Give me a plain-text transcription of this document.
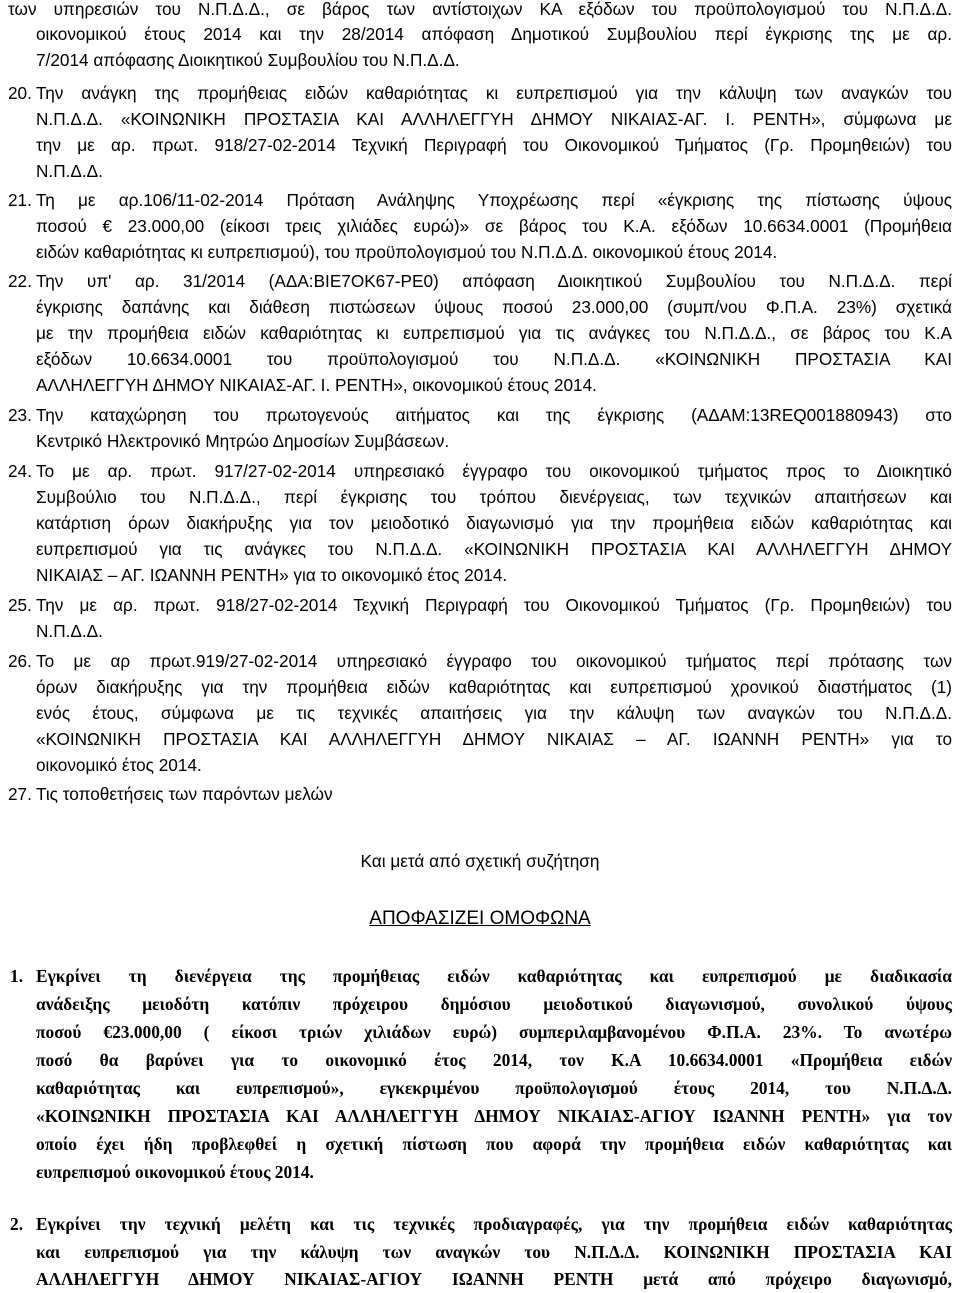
των υπηρεσιών του Ν.Π.Δ.Δ., σε βάρος των αντίστοιχων ΚΑ εξόδων του προϋπολογισμού του Ν.Π.Δ.Δ.
οικονομικού έτους 2014 και την 28/2014 απόφαση Δημοτικού Συμβουλίου περί έγκρισης της με αρ.
7/2014 απόφασης Διοικητικού Συμβουλίου του Ν.Π.Δ.Δ.
20. Την ανάγκη της προμήθειας ειδών καθαριότητας κι ευπρεπισμού για την κάλυψη των αναγκών του
Ν.Π.Δ.Δ. «ΚΟΙΝΩΝΙΚΗ ΠΡΟΣΤΑΣΙΑ ΚΑΙ ΑΛΛΗΛΕΓΓΥΗ ΔΗΜΟΥ ΝΙΚΑΙΑΣ-ΑΓ. Ι. ΡΕΝΤΗ», σύμφωνα με
την με αρ. πρωτ. 918/27-02-2014 Τεχνική Περιγραφή του Οικονομικού Τμήματος (Γρ. Προμηθειών) του
Ν.Π.Δ.Δ.
21. Τη με αρ.106/11-02-2014 Πρόταση Ανάληψης Υποχρέωσης περί «έγκρισης της πίστωσης ύψους
ποσού € 23.000,00 (είκοσι τρεις χιλιάδες ευρώ)» σε βάρος του Κ.Α. εξόδων 10.6634.0001 (Προμήθεια
ειδών καθαριότητας κι ευπρεπισμού), του προϋπολογισμού του Ν.Π.Δ.Δ. οικονομικού έτους 2014.
22. Την υπ' αρ. 31/2014 (ΑΔΑ:ΒΙΕ7ΟΚ67-ΡΕ0) απόφαση Διοικητικού Συμβουλίου του Ν.Π.Δ.Δ. περί
έγκρισης δαπάνης και διάθεση πιστώσεων ύψους ποσού 23.000,00 (συμπ/νου Φ.Π.Α. 23%) σχετικά
με την προμήθεια ειδών καθαριότητας κι ευπρεπισμού για τις ανάγκες του Ν.Π.Δ.Δ., σε βάρος του Κ.Α
εξόδων 10.6634.0001 του προϋπολογισμού του Ν.Π.Δ.Δ. «ΚΟΙΝΩΝΙΚΗ ΠΡΟΣΤΑΣΙΑ ΚΑΙ
ΑΛΛΗΛΕΓΓΥΗ ΔΗΜΟΥ ΝΙΚΑΙΑΣ-ΑΓ. Ι. ΡΕΝΤΗ», οικονομικού έτους 2014.
23. Την καταχώρηση του πρωτογενούς αιτήματος και της έγκρισης (ΑΔΑΜ:13REQ001880943) στο
Κεντρικό Ηλεκτρονικό Μητρώο Δημοσίων Συμβάσεων.
24. Το με αρ. πρωτ. 917/27-02-2014 υπηρεσιακό έγγραφο του οικονομικού τμήματος προς το Διοικητικό
Συμβούλιο του Ν.Π.Δ.Δ., περί έγκρισης του τρόπου διενέργειας, των τεχνικών απαιτήσεων και
κατάρτιση όρων διακήρυξης για τον μειοδοτικό διαγωνισμό για την προμήθεια ειδών καθαριότητας και
ευπρεπισμού για τις ανάγκες του Ν.Π.Δ.Δ. «ΚΟΙΝΩΝΙΚΗ ΠΡΟΣΤΑΣΙΑ ΚΑΙ ΑΛΛΗΛΕΓΓΥΗ ΔΗΜΟΥ
ΝΙΚΑΙΑΣ – ΑΓ. ΙΩΑΝΝΗ ΡΕΝΤΗ» για το οικονομικό έτος 2014.
25. Την με αρ. πρωτ. 918/27-02-2014 Τεχνική Περιγραφή του Οικονομικού Τμήματος (Γρ. Προμηθειών) του
Ν.Π.Δ.Δ.
26. Το με αρ πρωτ.919/27-02-2014 υπηρεσιακό έγγραφο του οικονομικού τμήματος περί πρότασης των
όρων διακήρυξης για την προμήθεια ειδών καθαριότητας και ευπρεπισμού χρονικού διαστήματος (1)
ενός έτους, σύμφωνα με τις τεχνικές απαιτήσεις για την κάλυψη των αναγκών του Ν.Π.Δ.Δ.
«ΚΟΙΝΩΝΙΚΗ ΠΡΟΣΤΑΣΙΑ ΚΑΙ ΑΛΛΗΛΕΓΓΥΗ ΔΗΜΟΥ ΝΙΚΑΙΑΣ – ΑΓ. ΙΩΑΝΝΗ ΡΕΝΤΗ» για το
οικονομικό έτος 2014.
27. Τις τοποθετήσεις των παρόντων μελών
Και μετά από σχετική συζήτηση
ΑΠΟΦΑΣΙΖΕΙ ΟΜΟΦΩΝΑ
1. Εγκρίνει τη διενέργεια της προμήθειας ειδών καθαριότητας και ευπρεπισμού με διαδικασία
ανάδειξης μειοδότη κατόπιν πρόχειρου δημόσιου μειοδοτικού διαγωνισμού, συνολικού ύψους
ποσού €23.000,00 ( είκοσι τριών χιλιάδων ευρώ) συμπεριλαμβανομένου Φ.Π.Α. 23%. Το ανωτέρω
ποσό θα βαρύνει για το οικονομικό έτος 2014, τον Κ.Α 10.6634.0001 «Προμήθεια ειδών
καθαριότητας και ευπρεπισμού», εγκεκριμένου προϋπολογισμού έτους 2014, του Ν.Π.Δ.Δ.
«ΚΟΙΝΩΝΙΚΗ ΠΡΟΣΤΑΣΙΑ ΚΑΙ ΑΛΛΗΛΕΓΓΥΗ ΔΗΜΟΥ ΝΙΚΑΙΑΣ-ΑΓΙΟΥ ΙΩΑΝΝΗ ΡΕΝΤΗ» για τον
οποίο έχει ήδη προβλεφθεί η σχετική πίστωση που αφορά την προμήθεια ειδών καθαριότητας και
ευπρεπισμού οικονομικού έτους 2014.
2. Εγκρίνει την τεχνική μελέτη και τις τεχνικές προδιαγραφές, για την προμήθεια ειδών καθαριότητας
και ευπρεπισμού για την κάλυψη των αναγκών του Ν.Π.Δ.Δ. ΚΟΙΝΩΝΙΚΗ ΠΡΟΣΤΑΣΙΑ ΚΑΙ
ΑΛΛΗΛΕΓΓΥΗ ΔΗΜΟΥ ΝΙΚΑΙΑΣ-ΑΓΙΟΥ ΙΩΑΝΝΗ ΡΕΝΤΗ μετά από πρόχειρο διαγωνισμό,
